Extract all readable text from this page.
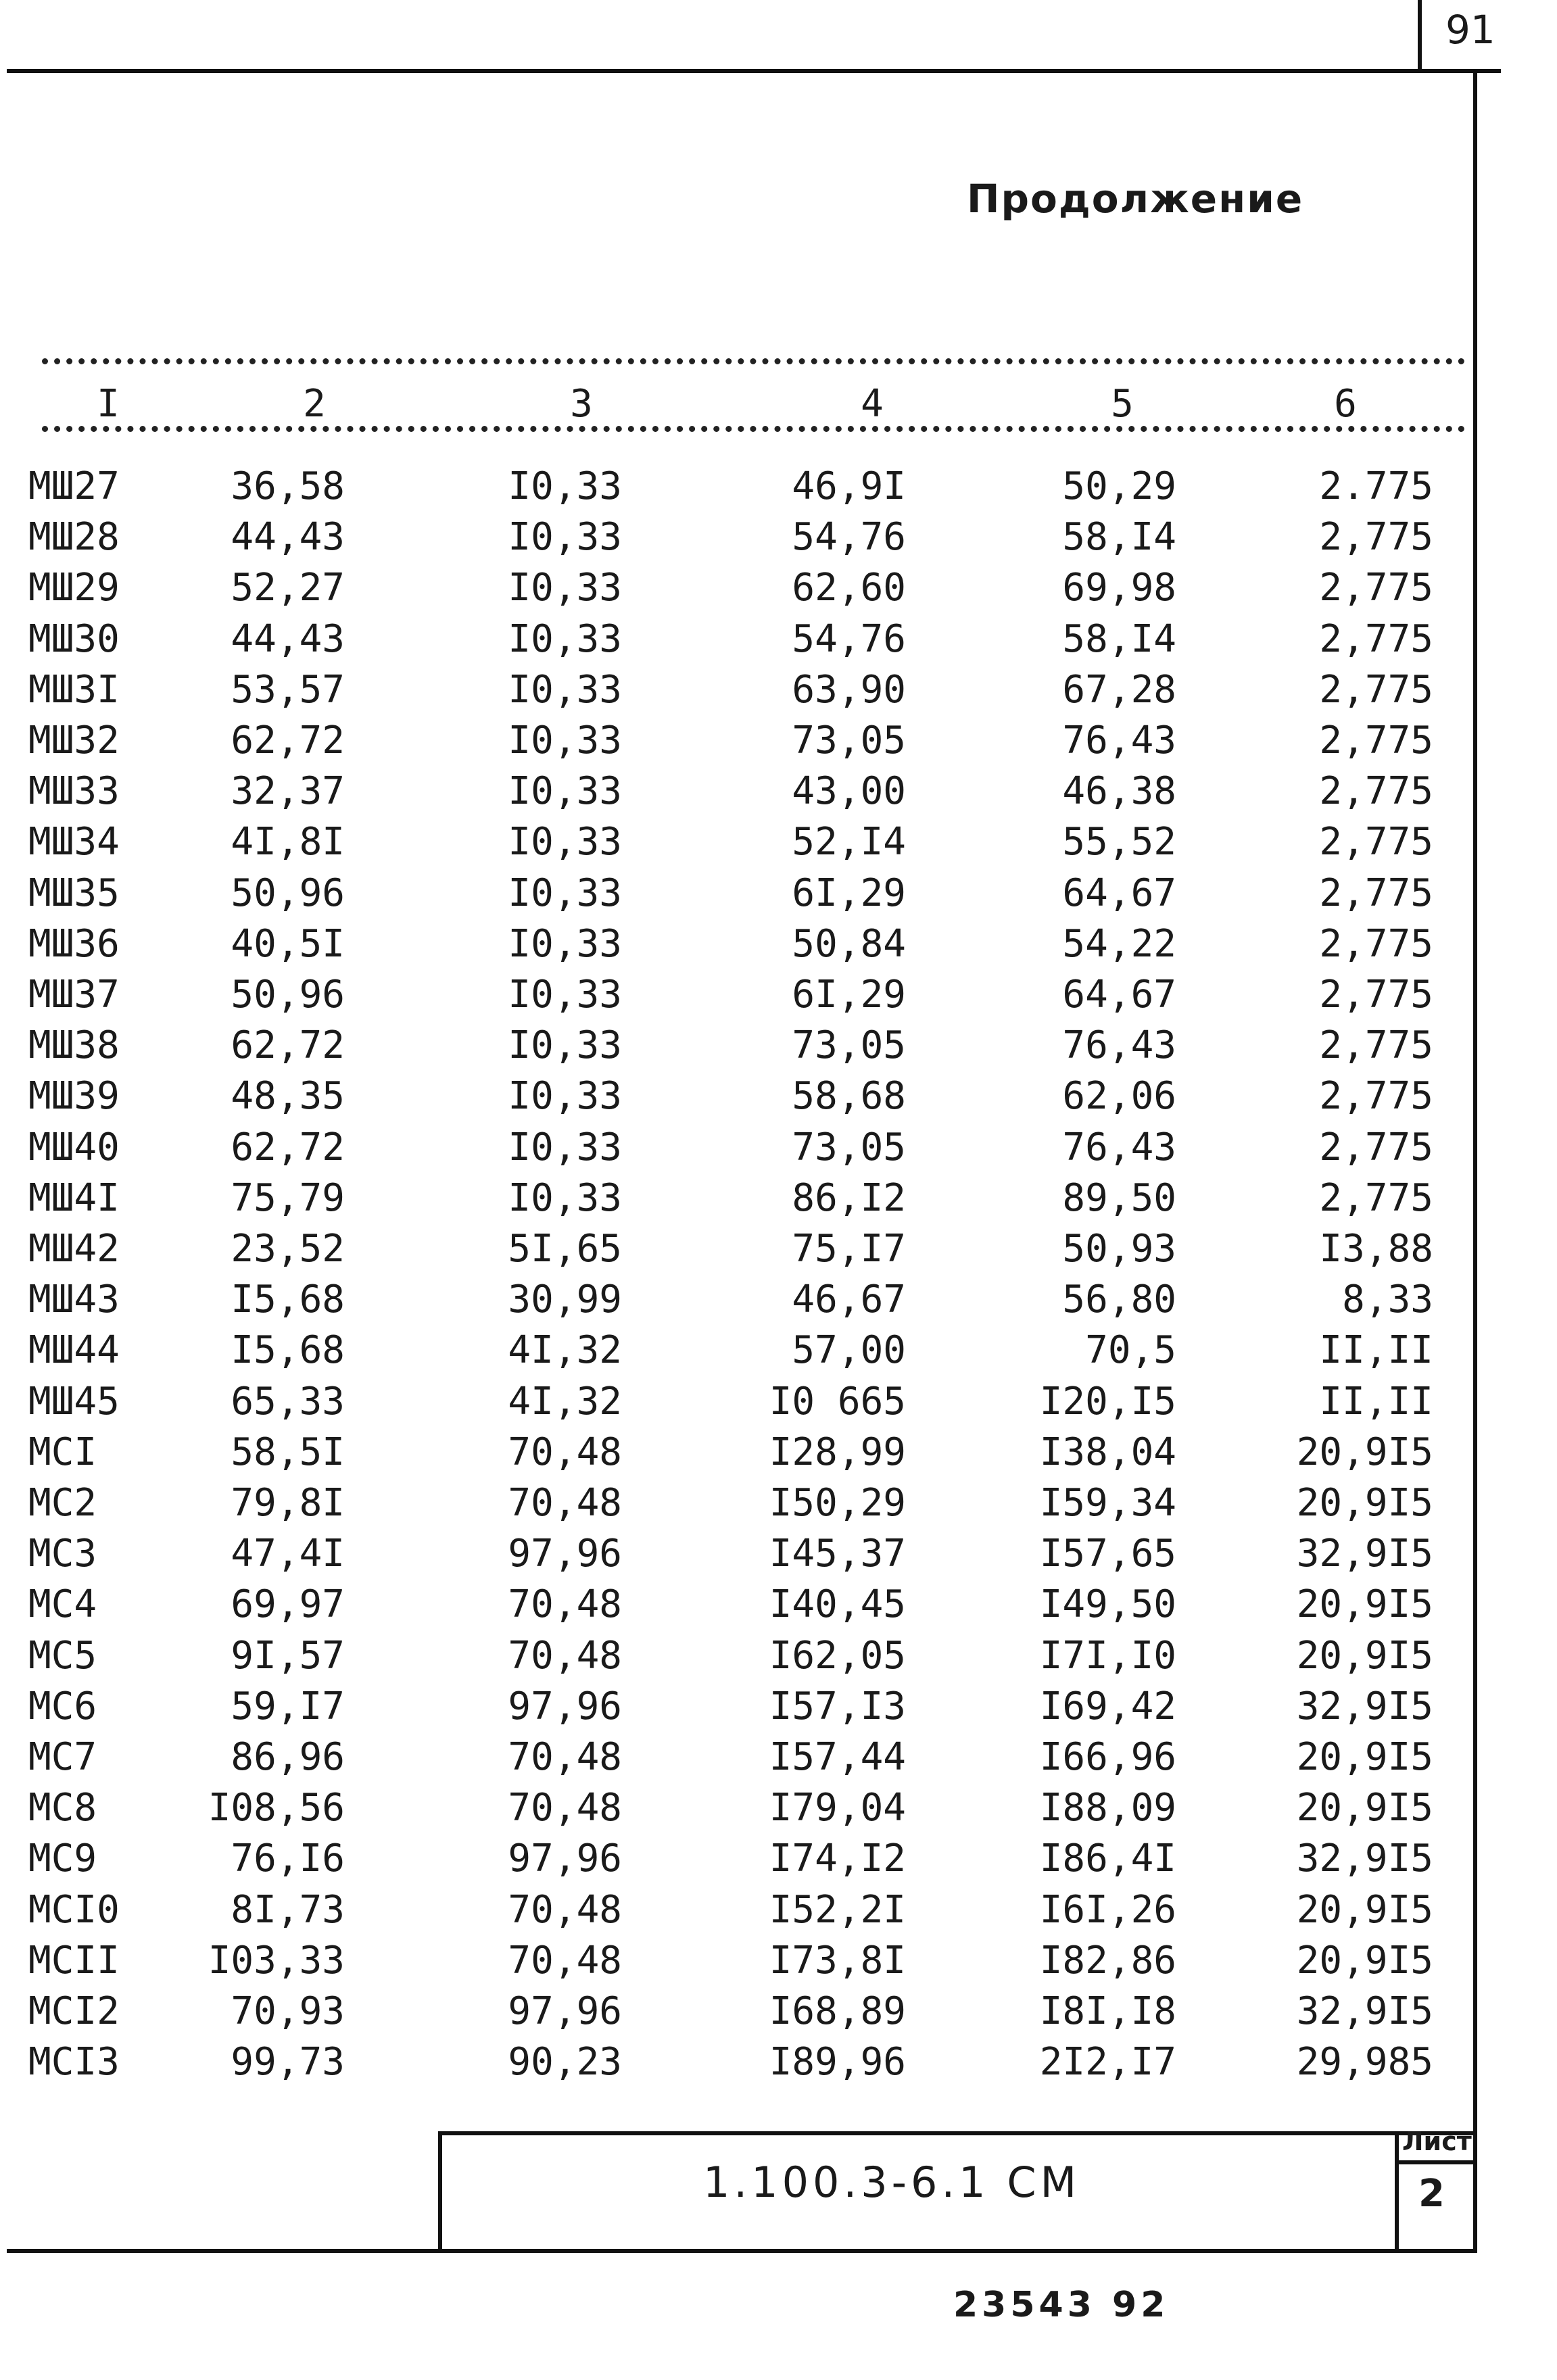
91
Продолжение
I	2	3	4	5	6
МШ27	36,58	I0,33	46,9I	50,29	2.775
МШ28	44,43	I0,33	54,76	58,I4	2,775
МШ29	52,27	I0,33	62,60	69,98	2,775
МШ30	44,43	I0,33	54,76	58,I4	2,775
МШ3I	53,57	I0,33	63,90	67,28	2,775
МШ32	62,72	I0,33	73,05	76,43	2,775
МШ33	32,37	I0,33	43,00	46,38	2,775
МШ34	4I,8I	I0,33	52,I4	55,52	2,775
МШ35	50,96	I0,33	6I,29	64,67	2,775
МШ36	40,5I	I0,33	50,84	54,22	2,775
МШ37	50,96	I0,33	6I,29	64,67	2,775
МШ38	62,72	I0,33	73,05	76,43	2,775
МШ39	48,35	I0,33	58,68	62,06	2,775
МШ40	62,72	I0,33	73,05	76,43	2,775
МШ4I	75,79	I0,33	86,I2	89,50	2,775
МШ42	23,52	5I,65	75,I7	50,93	I3,88
МШ43	I5,68	30,99	46,67	56,80	8,33
МШ44	I5,68	4I,32	57,00	70,5	II,II
МШ45	65,33	4I,32	I0 665	I20,I5	II,II
МСI	58,5I	70,48	I28,99	I38,04	20,9I5
МС2	79,8I	70,48	I50,29	I59,34	20,9I5
МС3	47,4I	97,96	I45,37	I57,65	32,9I5
МС4	69,97	70,48	I40,45	I49,50	20,9I5
МС5	9I,57	70,48	I62,05	I7I,I0	20,9I5
МС6	59,I7	97,96	I57,I3	I69,42	32,9I5
МС7	86,96	70,48	I57,44	I66,96	20,9I5
МС8	I08,56	70,48	I79,04	I88,09	20,9I5
МС9	76,I6	97,96	I74,I2	I86,4I	32,9I5
МСI0	8I,73	70,48	I52,2I	I6I,26	20,9I5
МСII	I03,33	70,48	I73,8I	I82,86	20,9I5
МСI2	70,93	97,96	I68,89	I8I,I8	32,9I5
МСI3	99,73	90,23	I89,96	2I2,I7	29,985
1.100.3-6.1 СМ
Лист
2
23543 92
